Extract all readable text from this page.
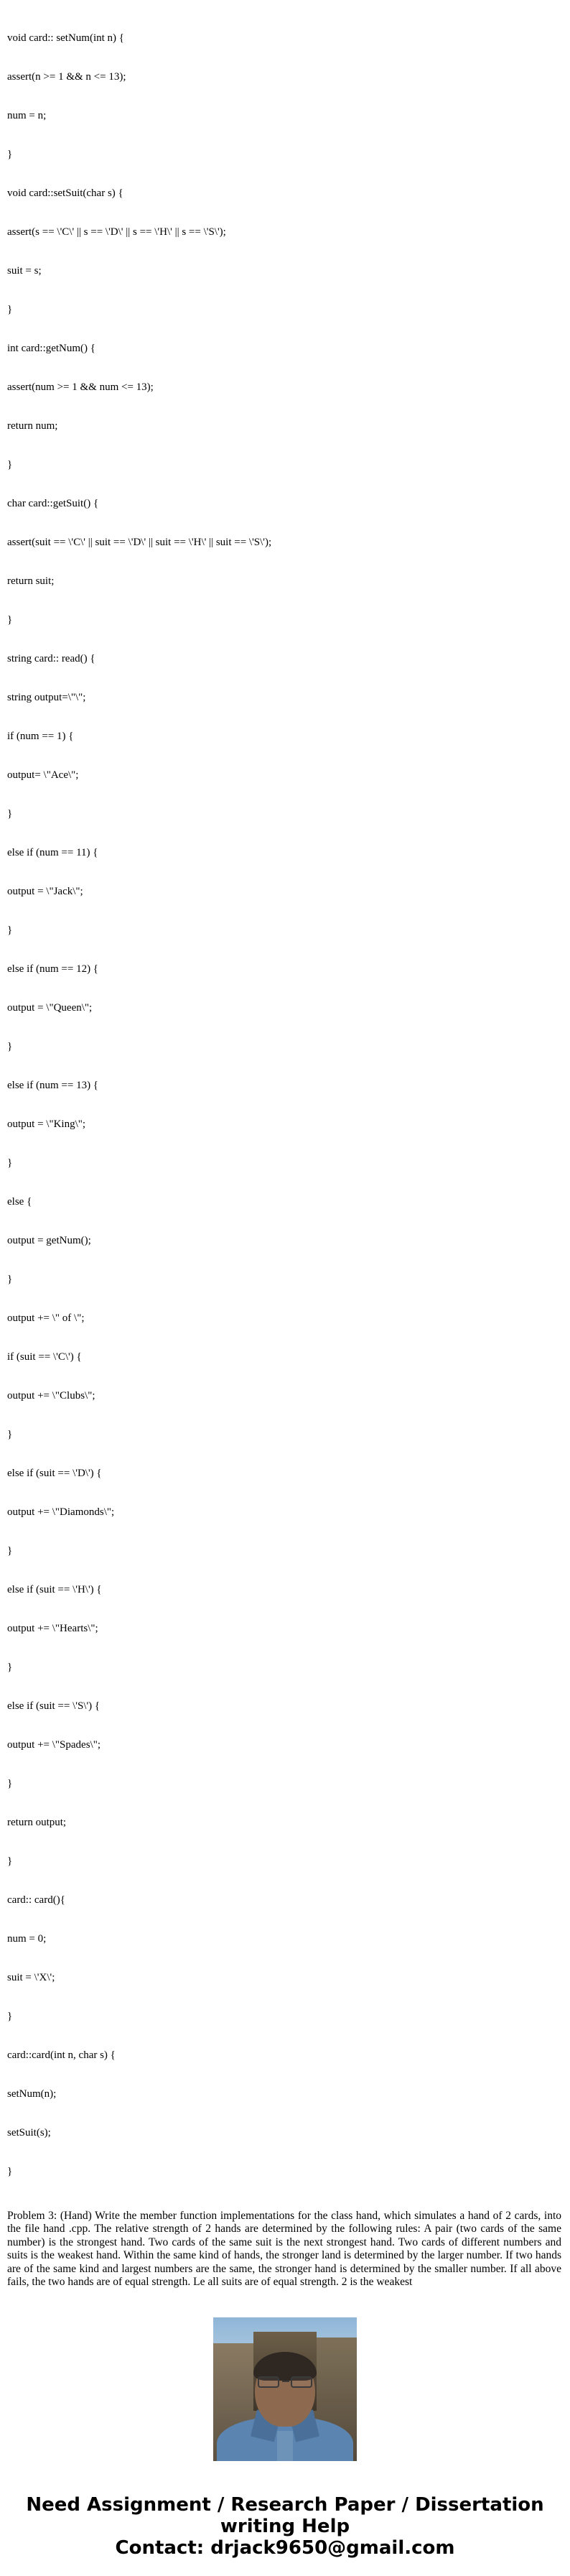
void card:: setNum(int n) {

assert(n >= 1 && n <= 13);

num = n;

}

void card::setSuit(char s) {

assert(s == \'C\' || s == \'D\' || s == \'H\' || s == \'S\');

suit = s;

}

int card::getNum() {

assert(num >= 1 && num <= 13);

return num;

}

char card::getSuit() {

assert(suit == \'C\' || suit == \'D\' || suit == \'H\' || suit == \'S\');

return suit;

}

string card:: read() {

string output=\"\";

if (num == 1) {

output= \"Ace\";

}

else if (num == 11) {

output = \"Jack\";

}

else if (num == 12) {

output = \"Queen\";

}

else if (num == 13) {

output = \"King\";

}

else {

output = getNum();

}

output += \" of \";

if (suit == \'C\') {

output += \"Clubs\";

}

else if (suit == \'D\') {

output += \"Diamonds\";

}

else if (suit == \'H\') {

output += \"Hearts\";

}

else if (suit == \'S\') {

output += \"Spades\";

}

return output;

}

card:: card(){

num = 0;

suit = \'X\';

}

card::card(int n, char s) {

setNum(n);

setSuit(s);

}

Problem 3: (Hand) Write the member function implementations for the class hand, which simulates a hand of 2 cards, into the file hand .cpp. The relative strength of 2 hands are determined by the following rules: A pair (two cards of the same number) is the strongest hand. Two cards of the same suit is the next strongest hand. Two cards of different numbers and suits is the weakest hand. Within the same kind of hands, the stronger land is determined by the larger number. If two hands are of the same kind and largest numbers are the same, the stronger hand is determined by the smaller number. If all above fails, the two hands are of equal strength. Le all suits are of equal strength. 2 is the weakest

Need Assignment / Research Paper / Dissertation
writing Help
Contact: drjack9650@gmail.com
